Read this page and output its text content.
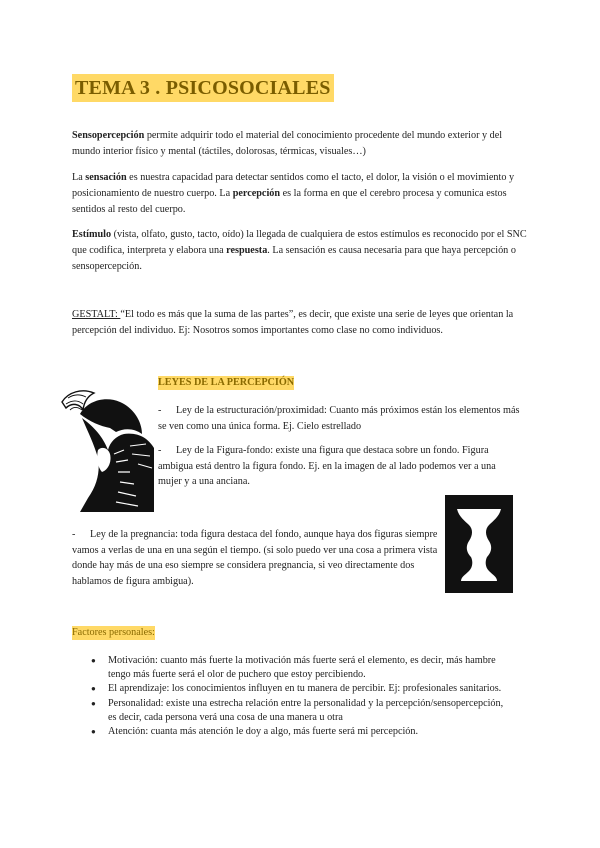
TEMA 3 . PSICOSOCIALES

Sensopercepción permite adquirir todo el material del conocimiento procedente del mundo exterior y del mundo interior físico y mental (táctiles, dolorosas, térmicas, visuales…)

La sensación es nuestra capacidad para detectar sentidos como el tacto, el dolor, la visión o el movimiento y posicionamiento de nuestro cuerpo. La percepción es la forma en que el cerebro procesa y comunica estos sentidos al resto del cuerpo.

Estímulo (vista, olfato, gusto, tacto, oído) la llegada de cualquiera de estos estímulos es reconocido por el SNC que codifica, interpreta y elabora una respuesta. La sensación es causa necesaria para que haya percepción o sensopercepción.

GESTALT: “El todo es más que la suma de las partes”, es decir, que existe una serie de leyes que orientan la percepción del individuo. Ej: Nosotros somos importantes como clase no como individuos.

LEYES DE LA PERCEPCIÓN
- Ley de la estructuración/proximidad: Cuanto más próximos están los elementos más se ven como una única forma. Ej. Cielo estrellado
- Ley de la Figura-fondo: existe una figura que destaca sobre un fondo. Figura ambigua está dentro la figura fondo. Ej. en la imagen de al lado podemos ver a una mujer y a una anciana.
- Ley de la pregnancia: toda figura destaca del fondo, aunque haya dos figuras siempre vamos a verlas de una en una según el tiempo. (si solo puedo ver una cosa a primera vista donde hay más de una eso siempre se considera pregnancia, si veo directamente dos hablamos de figura ambigua).
Factores personales:
● Motivación: cuanto más fuerte la motivación más fuerte será el elemento, es decir, más hambre tengo más fuerte será el olor de puchero que estoy percibiendo.
● El aprendizaje: los conocimientos influyen en tu manera de percibir. Ej: profesionales sanitarios.
● Personalidad: existe una estrecha relación entre la personalidad y la percepción/sensopercepción, es decir, cada persona verá una cosa de una manera u otra
● Atención: cuanta más atención le doy a algo, más fuerte será mi percepción.
